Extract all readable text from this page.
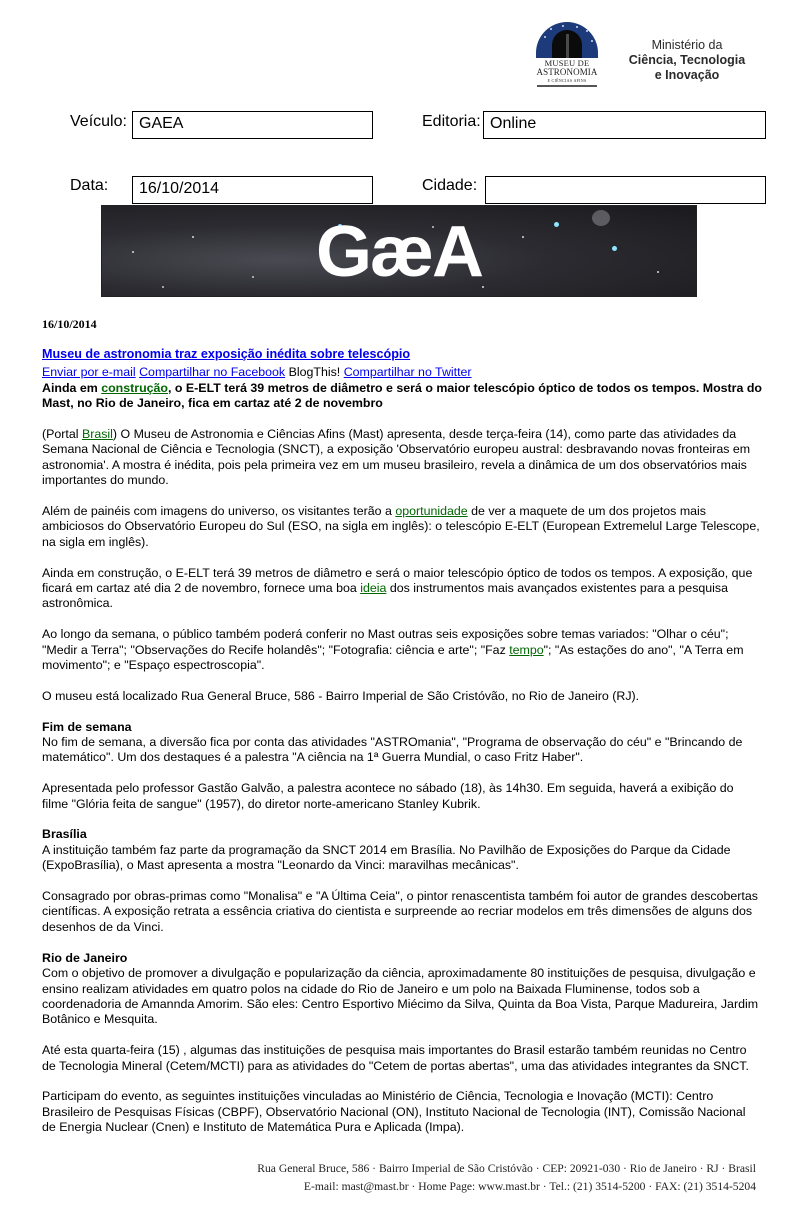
MUSEU DE
ASTRONOMIA
E CIÊNCIAS AFINS
Ministério da
Ciência, Tecnologia
e Inovação
Veículo: GAEA	Editoria: Online
Data:	16/10/2014	Cidade:
GæA
16/10/2014
Museu de astronomia traz exposição inédita sobre telescópio
Enviar por e-mail Compartilhar no Facebook BlogThis! Compartilhar no Twitter
Ainda em construção, o E-ELT terá 39 metros de diâmetro e será o maior telescópio óptico de todos os tempos. Mostra do Mast, no Rio de Janeiro, fica em cartaz até 2 de novembro

(Portal Brasil) O Museu de Astronomia e Ciências Afins (Mast) apresenta, desde terça-feira (14), como parte das atividades da Semana Nacional de Ciência e Tecnologia (SNCT), a exposição 'Observatório europeu austral: desbravando novas fronteiras em astronomia'. A mostra é inédita, pois pela primeira vez em um museu brasileiro, revela a dinâmica de um dos observatórios mais importantes do mundo.

Além de painéis com imagens do universo, os visitantes terão a oportunidade de ver a maquete de um dos projetos mais ambiciosos do Observatório Europeu do Sul (ESO, na sigla em inglês): o telescópio E-ELT (European Extremelul Large Telescope, na sigla em inglês).

Ainda em construção, o E-ELT terá 39 metros de diâmetro e será o maior telescópio óptico de todos os tempos. A exposição, que ficará em cartaz até dia 2 de novembro, fornece uma boa ideia dos instrumentos mais avançados existentes para a pesquisa astronômica.

Ao longo da semana, o público também poderá conferir no Mast outras seis exposições sobre temas variados: "Olhar o céu"; "Medir a Terra"; "Observações do Recife holandês"; "Fotografia: ciência e arte"; "Faz tempo"; "As estações do ano", "A Terra em movimento"; e "Espaço espectroscopia".

O museu está localizado Rua General Bruce, 586 - Bairro Imperial de São Cristóvão, no Rio de Janeiro (RJ).

Fim de semana
No fim de semana, a diversão fica por conta das atividades "ASTROmania", "Programa de observação do céu" e "Brincando de matemático". Um dos destaques é a palestra "A ciência na 1ª Guerra Mundial, o caso Fritz Haber".

Apresentada pelo professor Gastão Galvão, a palestra acontece no sábado (18), às 14h30. Em seguida, haverá a exibição do filme "Glória feita de sangue" (1957), do diretor norte-americano Stanley Kubrik.

Brasília
A instituição também faz parte da programação da SNCT 2014 em Brasília. No Pavilhão de Exposições do Parque da Cidade (ExpoBrasília), o Mast apresenta a mostra "Leonardo da Vinci: maravilhas mecânicas".

Consagrado por obras-primas como "Monalisa" e "A Última Ceia", o pintor renascentista também foi autor de grandes descobertas científicas. A exposição retrata a essência criativa do cientista e surpreende ao recriar modelos em três dimensões de alguns dos desenhos de da Vinci.

Rio de Janeiro
Com o objetivo de promover a divulgação e popularização da ciência, aproximadamente 80 instituições de pesquisa, divulgação e ensino realizam atividades em quatro polos na cidade do Rio de Janeiro e um polo na Baixada Fluminense, todos sob a coordenadoria de Amannda Amorim. São eles: Centro Esportivo Miécimo da Silva, Quinta da Boa Vista, Parque Madureira, Jardim Botânico e Mesquita.

Até esta quarta-feira (15) , algumas das instituições de pesquisa mais importantes do Brasil estarão também reunidas no Centro de Tecnologia Mineral (Cetem/MCTI) para as atividades do "Cetem de portas abertas", uma das atividades integrantes da SNCT.

Participam do evento, as seguintes instituições vinculadas ao Ministério de Ciência, Tecnologia e Inovação (MCTI): Centro Brasileiro de Pesquisas Físicas (CBPF), Observatório Nacional (ON), Instituto Nacional de Tecnologia (INT), Comissão Nacional de Energia Nuclear (Cnen) e Instituto de Matemática Pura e Aplicada (Impa).

Rua General Bruce, 586 · Bairro Imperial de São Cristóvão · CEP: 20921-030 · Rio de Janeiro · RJ · Brasil
E-mail: mast@mast.br · Home Page: www.mast.br · Tel.: (21) 3514-5200 · FAX: (21) 3514-5204
